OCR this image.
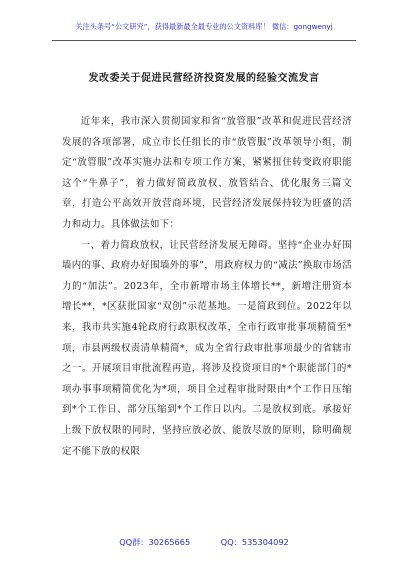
关注头条号“公文研究”，获得最新最全最专业的公文资料库！ 微信：gongwenyj
发改委关于促进民营经济投资发展的经验交流发言

近年来，我市深入贯彻国家和省“放管服”改革和促进民营经济发展的各项部署，成立市长任组长的市“放管服”改革领导小组，制定“放管服”改革实施办法和专项工作方案，紧紧扭住转变政府职能这个“牛鼻子”，着力做好简政放权、放管结合、优化服务三篇文章，打造公平高效开放营商环境，民营经济发展保持较为旺盛的活力和动力。具体做法如下：

一、着力简政放权，让民营经济发展无障碍。坚持“企业办好围墙内的事、政府办好围墙外的事”，用政府权力的“减法”换取市场活力的“加法”。2023年，全市新增市场主体增长**，新增注册资本增长**，*区获批国家“双创”示范基地。一是简政到位。2022年以来，我市共实施4轮政府行政职权改革，全市行政审批事项精简至*项，市县两级权责清单精简*，成为全省行政审批事项最少的省辖市之一。开展项目审批流程再造，将涉及投资项目的*个职能部门的*项办事事项精简优化为*项，项目全过程审批时限由*个工作日压缩到*个工作日、部分压缩到*个工作日以内。二是放权到底。承接好上级下放权限的同时，坚持应放必放、能放尽放的原则，除明确规定不能下放的权限

QQ群：30265665	QQ：535304092
